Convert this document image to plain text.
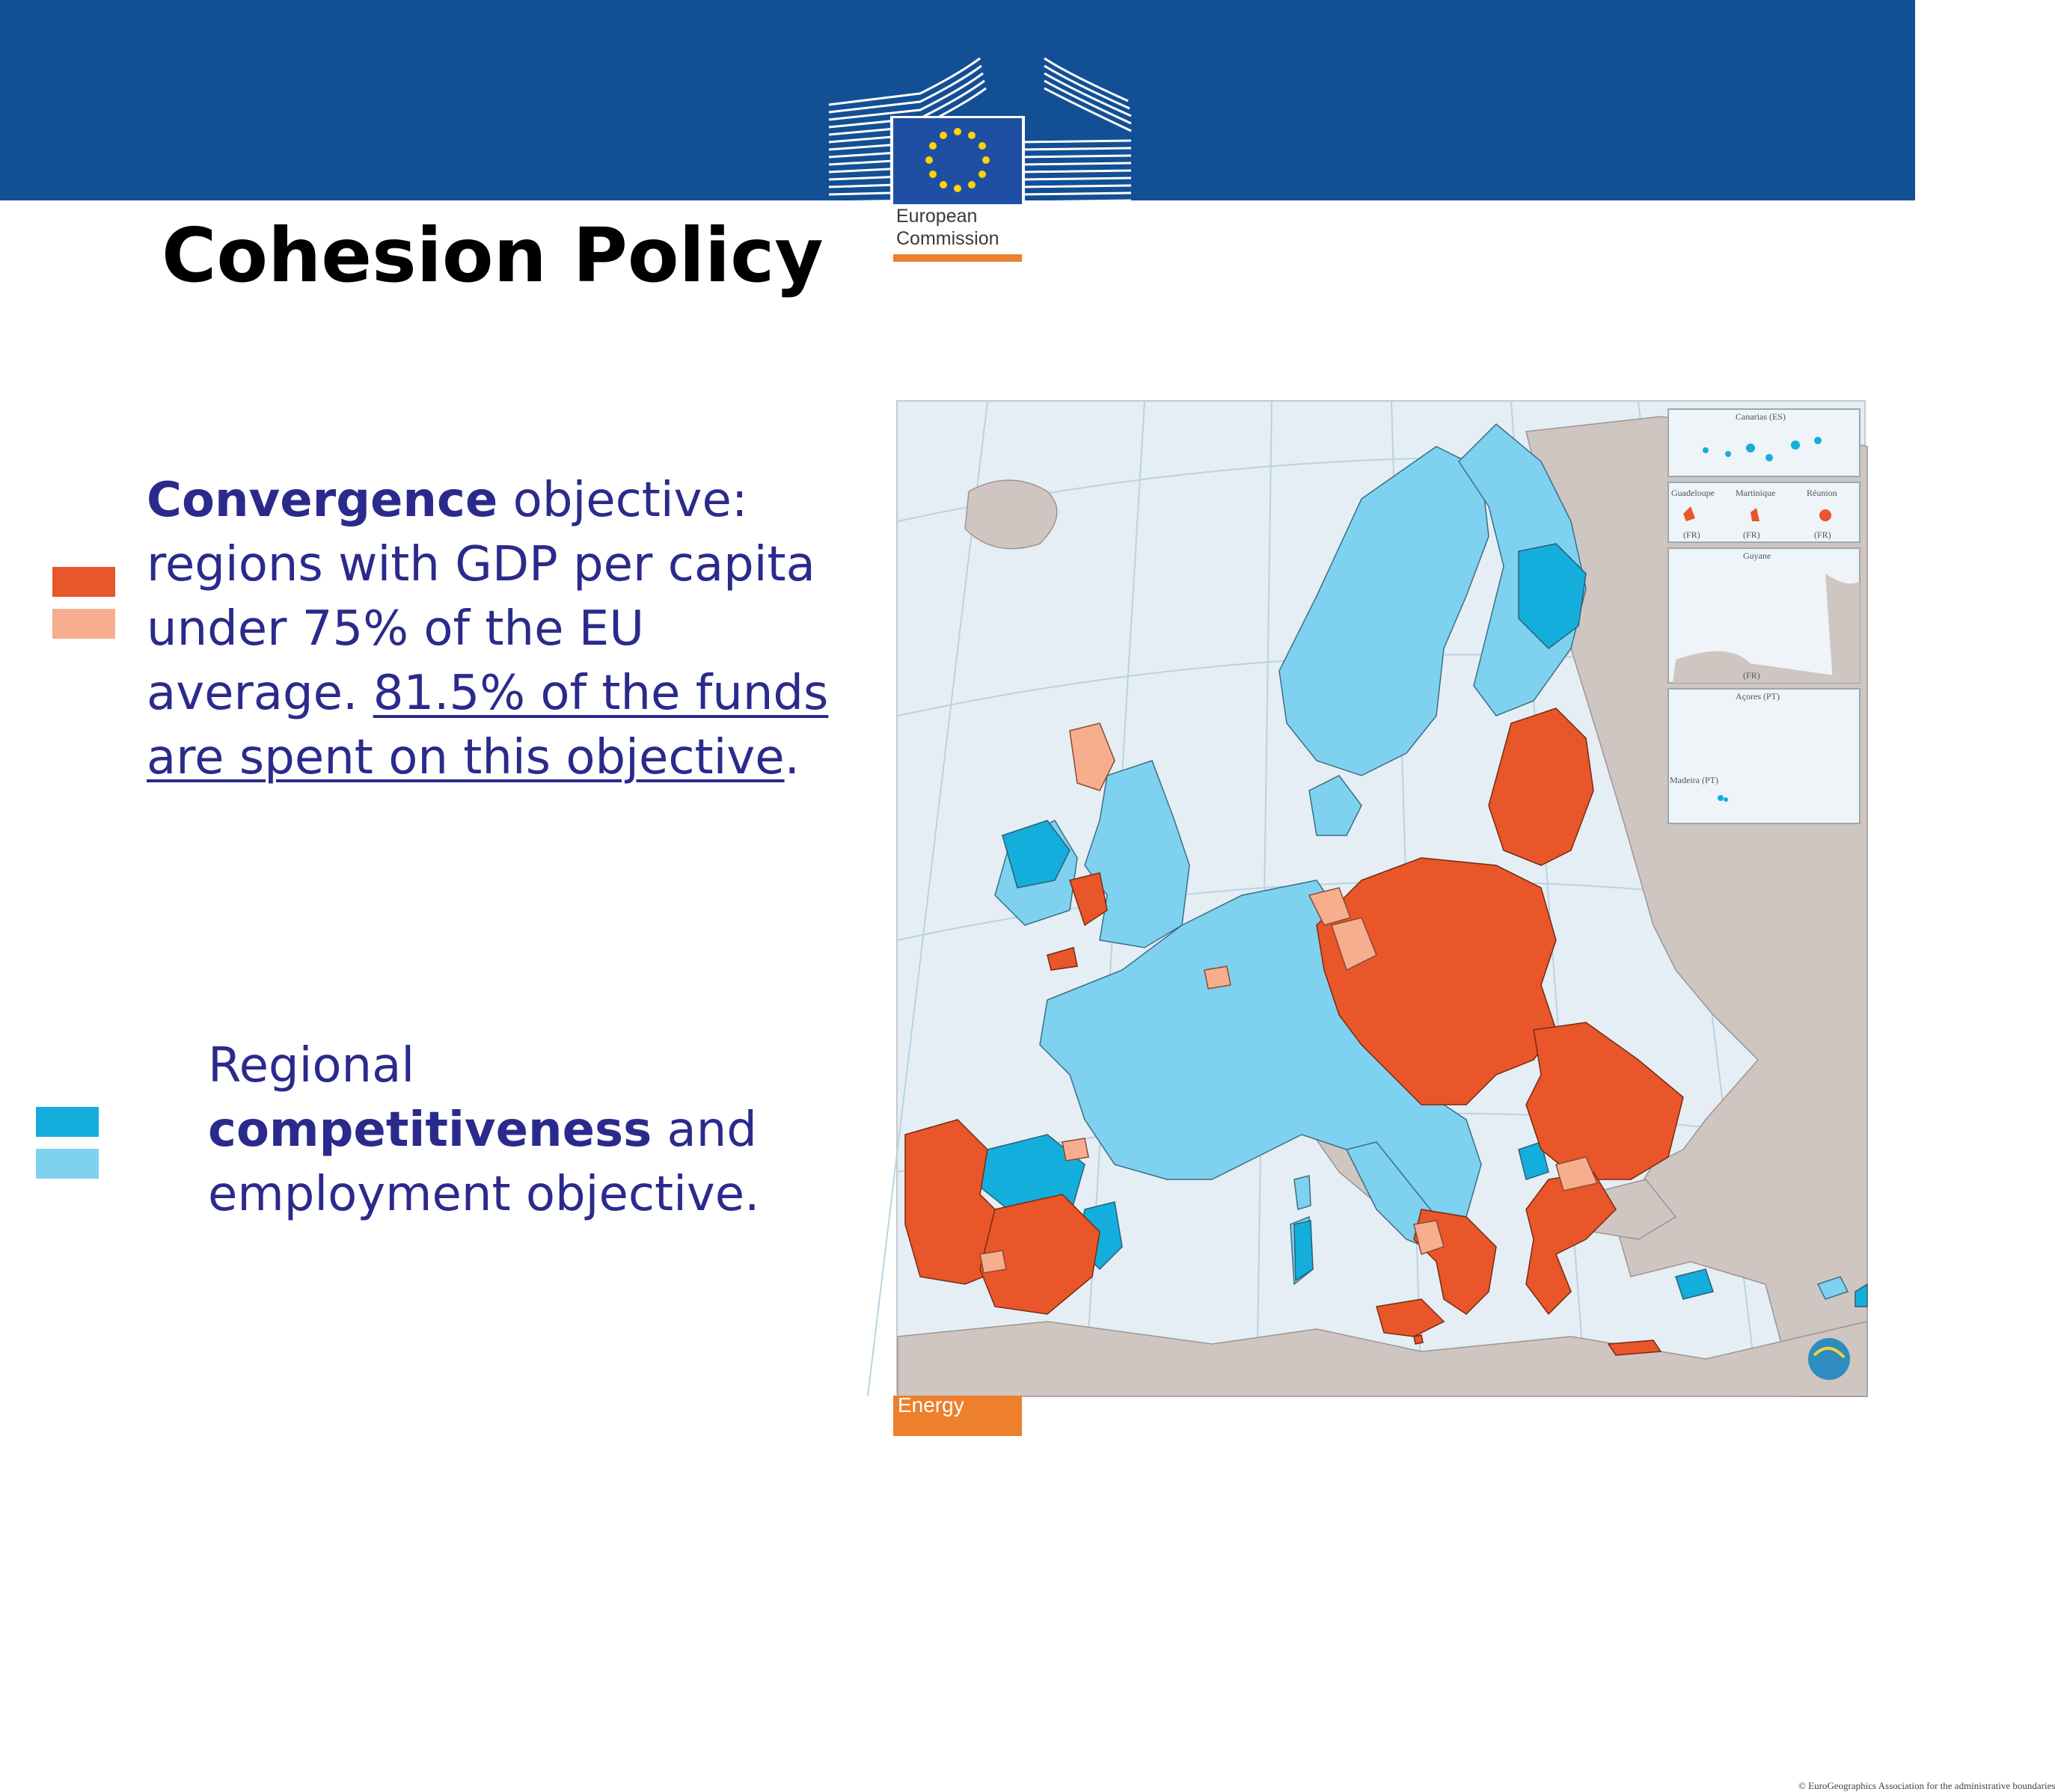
European
Commission
Cohesion Policy
Convergence objective: regions with GDP per capita under 75% of the EU average. 81.5% of the funds are spent on this objective.
Regional competitiveness and employment objective.
Canarias (ES)
Guadeloupe Martinique	Réunion
(FR)	(FR)	(FR)
Guyane
(FR)
Açores (PT)
Madeira (PT)
© EuroGeographics Association for the administrative boundaries
Energy
